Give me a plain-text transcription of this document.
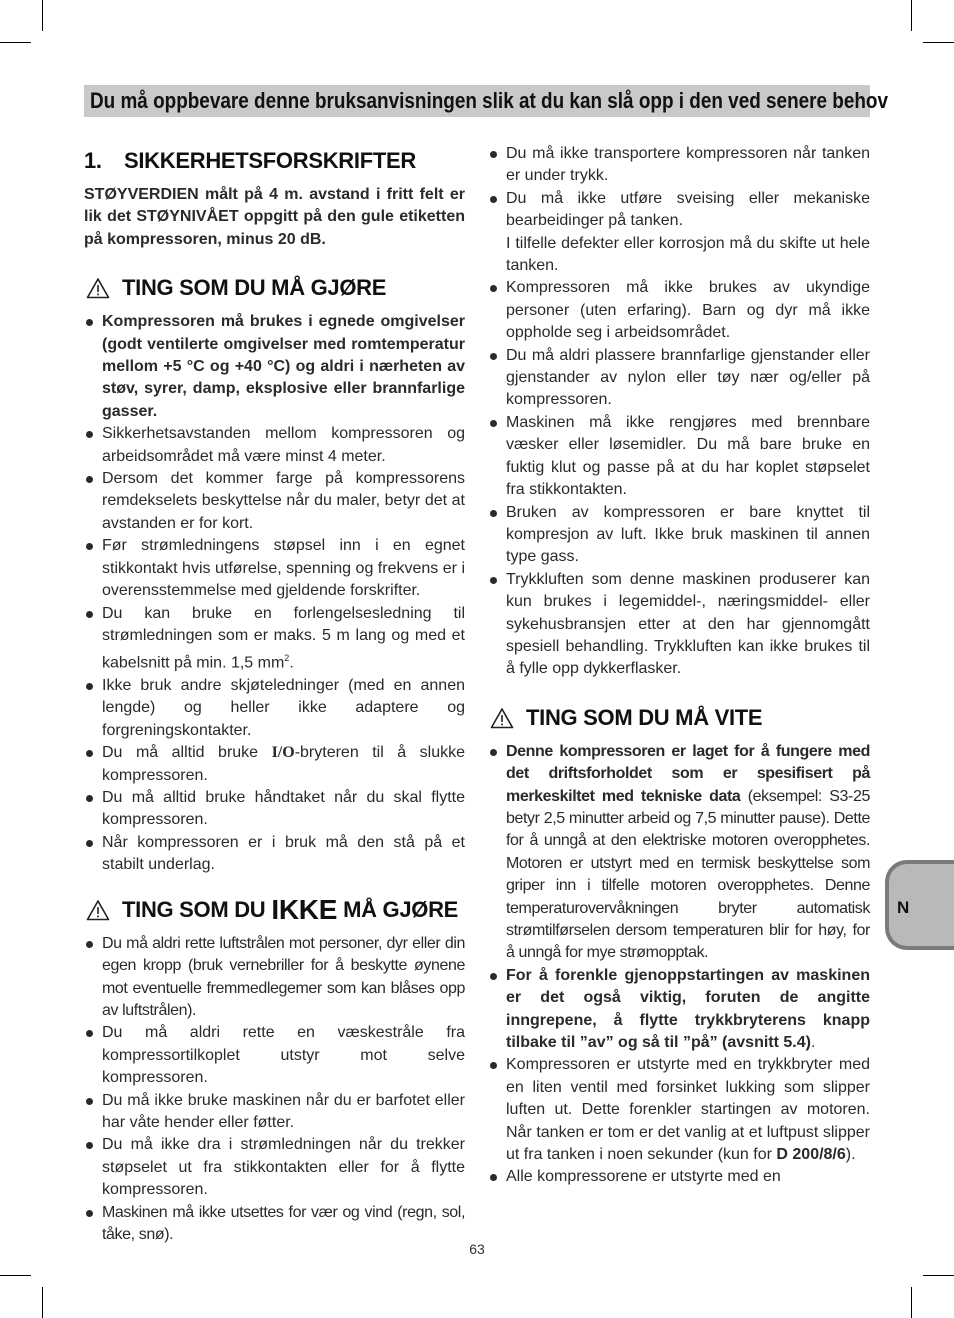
Du må oppbevare denne bruksanvisningen slik at du kan slå opp i den ved senere behov
1.	SIKKERHETSFORSKRIFTER

STØYVERDIEN målt på 4 m. avstand i fritt felt er lik det STØYNIVÅET oppgitt på den gule etiketten på kompressoren, minus 20 dB.

TING SOM DU MÅ GJØRE
Kompressoren må brukes i egnede omgivelser (godt ventilerte omgivelser med romtemperatur mellom +5 °C og +40 °C) og aldri i nærheten av støv, syrer, damp, eksplosive eller brannfarlige gasser.
Sikkerhetsavstanden mellom kompressoren og arbeidsområdet må være minst 4 meter.
Dersom det kommer farge på kompressorens remdekselets beskyttelse når du maler, betyr det at avstanden er for kort.
Før strømledningens støpsel inn i en egnet stikkontakt hvis utførelse, spenning og frekvens er i overensstemmelse med gjeldende forskrifter.
Du kan bruke en forlengelsesledning til strømledningen som er maks. 5 m lang og med et kabelsnitt på min. 1,5 $mm^2$.
Ikke bruk andre skjøteledninger (med en annen lengde) og heller ikke adaptere og forgreningskontakter.
Du må alltid bruke I/O-bryteren til å slukke kompressoren.
Du må alltid bruke håndtaket når du skal flytte kompressoren.
Når kompressoren er i bruk må den stå på et stabilt underlag.
TING SOM DU IKKE MÅ GJØRE
Du må aldri rette luftstrålen mot personer, dyr eller din egen kropp (bruk vernebriller for å beskytte øynene mot eventuelle fremmedlegemer som kan blåses opp av luftstrålen).
Du må aldri rette en væskestråle fra kompressortilkoplet utstyr mot selve kompressoren.
Du må ikke bruke maskinen når du er barfotet eller har våte hender eller føtter.
Du må ikke dra i strømledningen når du trekker støpselet ut fra stikkontakten eller for å flytte kompressoren.
Maskinen må ikke utsettes for vær og vind (regn, sol, tåke, snø).
Du må ikke transportere kompressoren når tanken er under trykk.
Du må ikke utføre sveising eller mekaniske bearbeidinger på tanken.
I tilfelle defekter eller korrosjon må du skifte ut hele tanken.
Kompressoren må ikke brukes av ukyndige personer (uten erfaring). Barn og dyr må ikke oppholde seg i arbeidsområdet.
Du må aldri plassere brannfarlige gjenstander eller gjenstander av nylon eller tøy nær og/eller på kompressoren.
Maskinen må ikke rengjøres med brennbare væsker eller løsemidler. Du må bare bruke en fuktig klut og passe på at du har koplet støpselet fra stikkontakten.
Bruken av kompressoren er bare knyttet til kompresjon av luft. Ikke bruk maskinen til annen type gass.
Trykkluften som denne maskinen produserer kan kun brukes i legemiddel-, næringsmiddel- eller sykehusbransjen etter at den har gjennomgått spesiell behandling. Trykkluften kan ikke brukes til å fylle opp dykkerflasker.
TING SOM DU MÅ VITE
Denne kompressoren er laget for å fungere med det driftsforholdet som er spesifisert på merkeskiltet med tekniske data (eksempel: S3-25 betyr 2,5 minutter arbeid og 7,5 minutter pause). Dette for å unngå at den elektriske motoren overopphetes. Motoren er utstyrt med en termisk beskyttelse som griper inn i tilfelle motoren overopphetes. Denne temperaturovervåkningen bryter automatisk strømtilførselen dersom temperaturen blir for høy, for å unngå for mye strømopptak.
For å forenkle gjenoppstartingen av maskinen er det også viktig, foruten de angitte inngrepene, å flytte trykkbryterens knapp tilbake til ”av” og så til ”på” (avsnitt 5.4).
Kompressoren er utstyrte med en trykkbryter med en liten ventil med forsinket lukking som slipper luften ut. Dette forenkler startingen av motoren. Når tanken er tom er det vanlig at et luftpust slipper ut fra tanken i noen sekunder (kun for D 200/8/6).
Alle kompressorene er utstyrte med en
N
63
